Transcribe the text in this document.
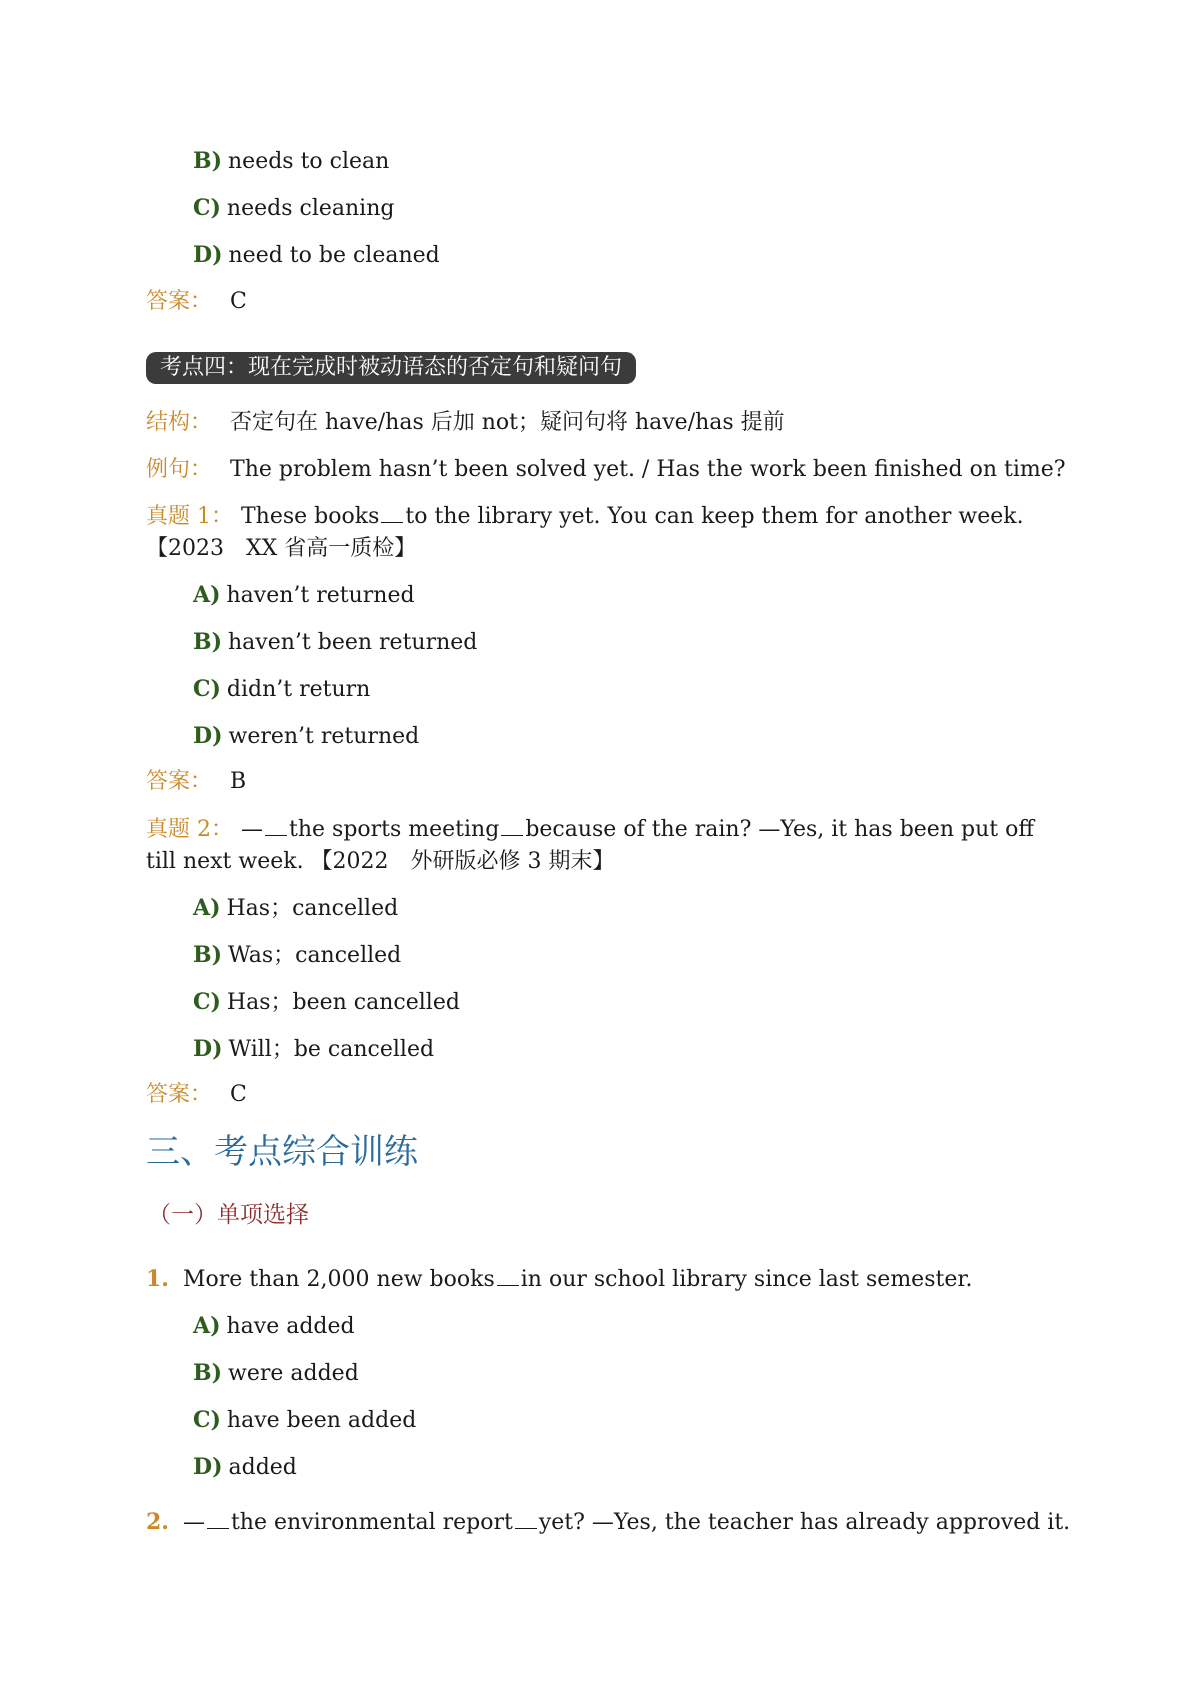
B) needs to clean
C) needs cleaning
D) need to be cleaned
答案： C
考点四：现在完成时被动语态的否定句和疑问句
结构： 否定句在 have/has 后加 not；疑问句将 have/has 提前
例句： The problem hasn’t been solved yet. / Has the work been finished on time?
真题 1： These books to the library yet. You can keep them for another week. 【2023　XX 省高一质检】
A) haven’t returned
B) haven’t been returned
C) didn’t return
D) weren’t returned
答案： B
真题 2： — the sports meeting because of the rain? —Yes, it has been put off till next week. 【2022　外研版必修 3 期末】
A) Has；cancelled
B) Was；cancelled
C) Has；been cancelled
D) Will；be cancelled
答案： C
三、考点综合训练
（一）单项选择
1. More than 2,000 new books in our school library since last semester.
A) have added
B) were added
C) have been added
D) added
2. — the environmental report yet? —Yes, the teacher has already approved it.
